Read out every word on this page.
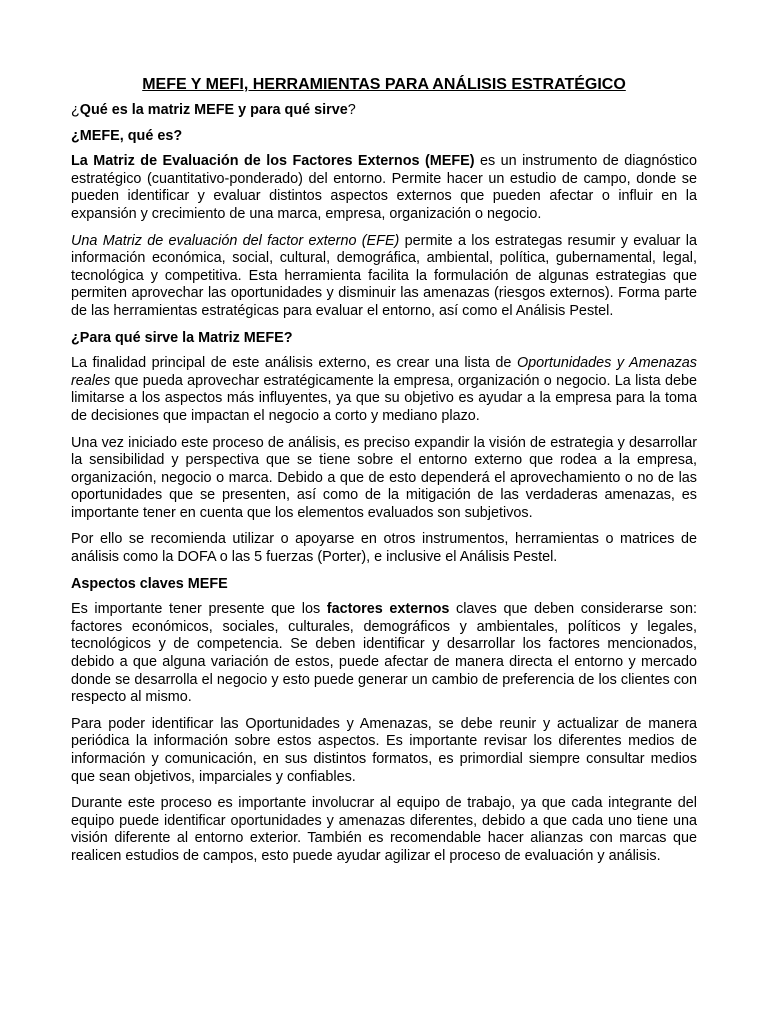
MEFE Y MEFI, HERRAMIENTAS PARA ANÁLISIS ESTRATÉGICO
¿Qué es la matriz MEFE y para qué sirve?
¿MEFE, qué es?

La Matriz de Evaluación de los Factores Externos (MEFE) es un instrumento de diagnóstico estratégico (cuantitativo-ponderado) del entorno. Permite hacer un estudio de campo, donde se pueden identificar y evaluar distintos aspectos externos que pueden afectar o influir en la expansión y crecimiento de una marca, empresa, organización o negocio.

Una Matriz de evaluación del factor externo (EFE) permite a los estrategas resumir y evaluar la información económica, social, cultural, demográfica, ambiental, política, gubernamental, legal, tecnológica y competitiva. Esta herramienta facilita la formulación de algunas estrategias que permiten aprovechar las oportunidades y disminuir las amenazas (riesgos externos). Forma parte de las herramientas estratégicas para evaluar el entorno, así como el Análisis Pestel.

¿Para qué sirve la Matriz MEFE?

La finalidad principal de este análisis externo, es crear una lista de Oportunidades y Amenazas reales que pueda aprovechar estratégicamente la empresa, organización o negocio. La lista debe limitarse a los aspectos más influyentes, ya que su objetivo es ayudar a la empresa para la toma de decisiones que impactan el negocio a corto y mediano plazo.

Una vez iniciado este proceso de análisis, es preciso expandir la visión de estrategia y desarrollar la sensibilidad y perspectiva que se tiene sobre el entorno externo que rodea a la empresa, organización, negocio o marca. Debido a que de esto dependerá el aprovechamiento o no de las oportunidades que se presenten, así como de la mitigación de las verdaderas amenazas, es importante tener en cuenta que los elementos evaluados son subjetivos.

Por ello se recomienda utilizar o apoyarse en otros instrumentos, herramientas o matrices de análisis como la DOFA o las 5 fuerzas (Porter), e inclusive el Análisis Pestel.

Aspectos claves MEFE

Es importante tener presente que los factores externos claves que deben considerarse son: factores económicos, sociales, culturales, demográficos y ambientales, políticos y legales, tecnológicos y de competencia. Se deben identificar y desarrollar los factores mencionados, debido a que alguna variación de estos, puede afectar de manera directa el entorno y mercado donde se desarrolla el negocio y esto puede generar un cambio de preferencia de los clientes con respecto al mismo.

Para poder identificar las Oportunidades y Amenazas, se debe reunir y actualizar de manera periódica la información sobre estos aspectos. Es importante revisar los diferentes medios de información y comunicación, en sus distintos formatos, es primordial siempre consultar medios que sean objetivos, imparciales y confiables.

Durante este proceso es importante involucrar al equipo de trabajo, ya que cada integrante del equipo puede identificar oportunidades y amenazas diferentes, debido a que cada uno tiene una visión diferente al entorno exterior. También es recomendable hacer alianzas con marcas que realicen estudios de campos, esto puede ayudar agilizar el proceso de evaluación y análisis.
